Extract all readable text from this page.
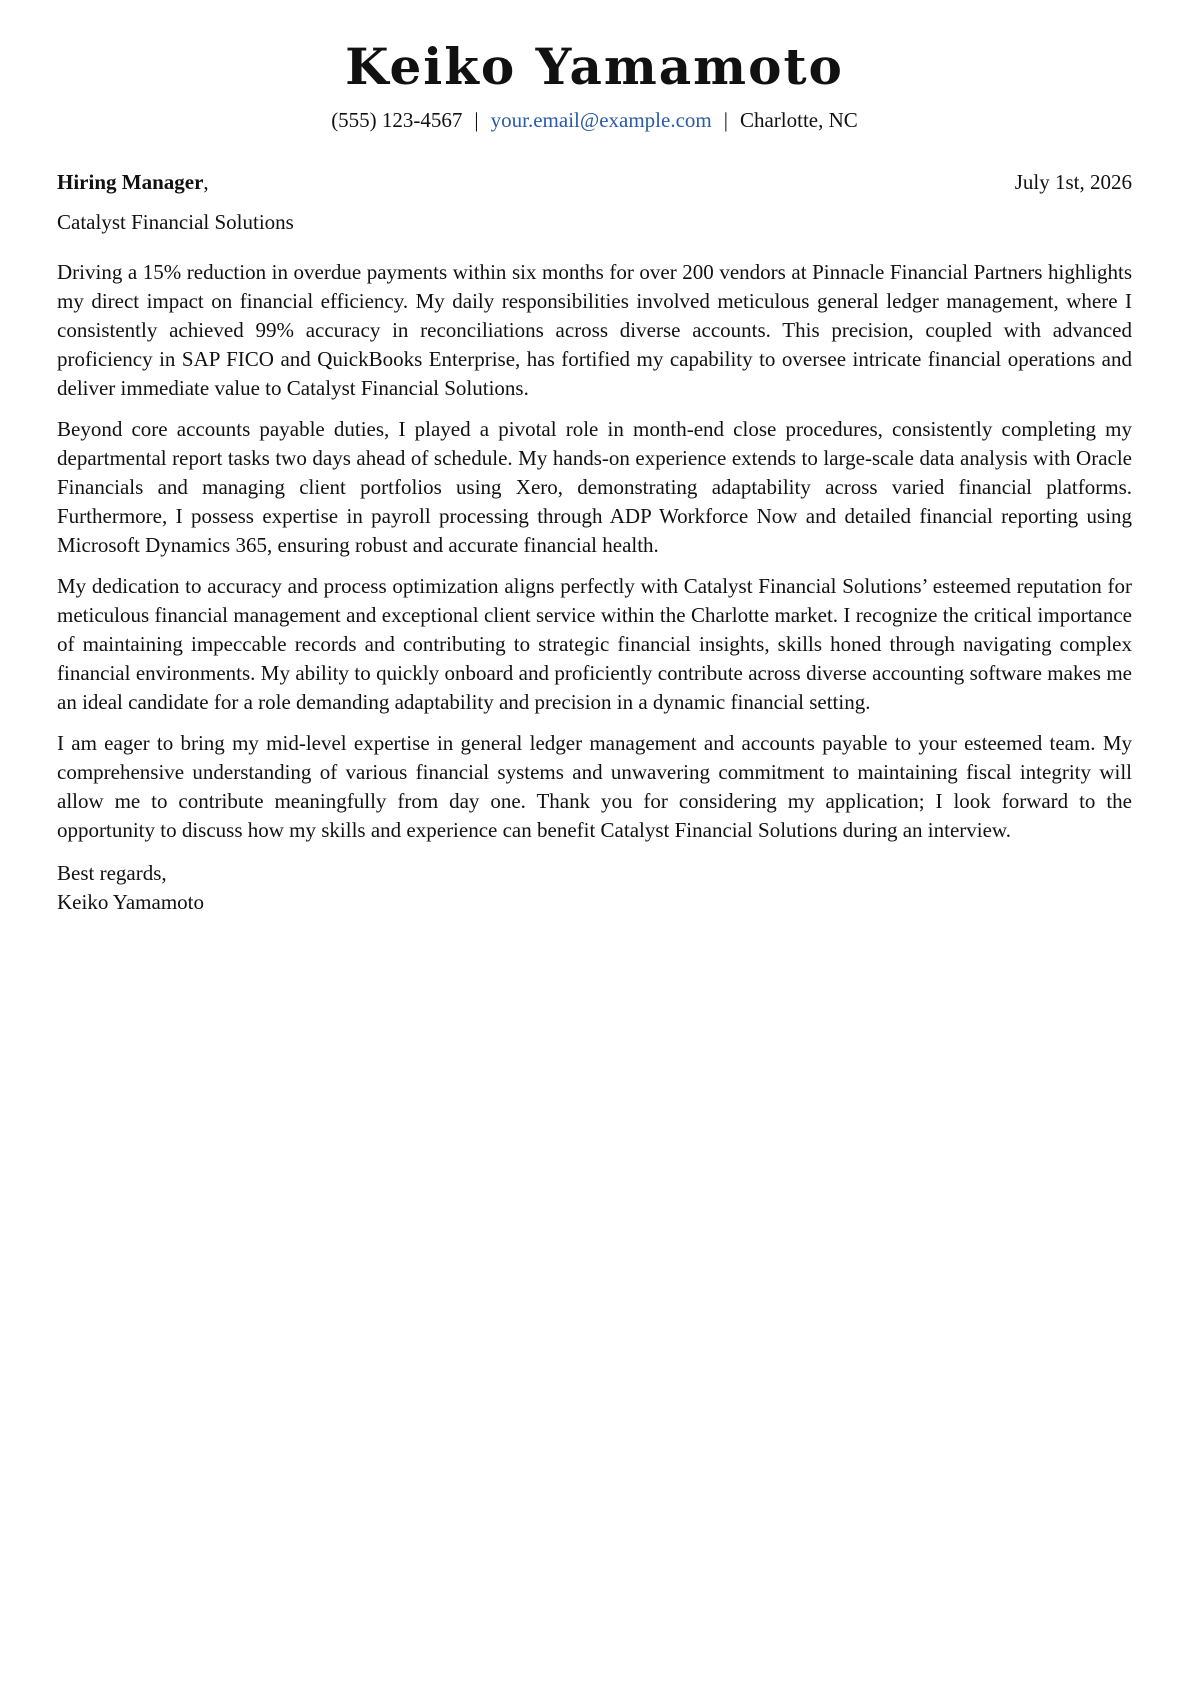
Keiko Yamamoto
(555) 123-4567 | your.email@example.com | Charlotte, NC
Hiring Manager,	July 1st, 2026
Catalyst Financial Solutions

Driving a 15% reduction in overdue payments within six months for over 200 vendors at Pinnacle Financial Partners highlights my direct impact on financial efficiency. My daily responsibilities involved meticulous general ledger management, where I consistently achieved 99% accuracy in reconciliations across diverse accounts. This precision, coupled with advanced proficiency in SAP FICO and QuickBooks Enterprise, has fortified my capability to oversee intricate financial operations and deliver immediate value to Catalyst Financial Solutions.

Beyond core accounts payable duties, I played a pivotal role in month-end close procedures, consistently completing my departmental report tasks two days ahead of schedule. My hands-on experience extends to large-scale data analysis with Oracle Financials and managing client portfolios using Xero, demonstrating adaptability across varied financial platforms. Furthermore, I possess expertise in payroll processing through ADP Workforce Now and detailed financial reporting using Microsoft Dynamics 365, ensuring robust and accurate financial health.

My dedication to accuracy and process optimization aligns perfectly with Catalyst Financial Solutions’ esteemed reputation for meticulous financial management and exceptional client service within the Charlotte market. I recognize the critical importance of maintaining impeccable records and contributing to strategic financial insights, skills honed through navigating complex financial environments. My ability to quickly onboard and proficiently contribute across diverse accounting software makes me an ideal candidate for a role demanding adaptability and precision in a dynamic financial setting.

I am eager to bring my mid-level expertise in general ledger management and accounts payable to your esteemed team. My comprehensive understanding of various financial systems and unwavering commitment to maintaining fiscal integrity will allow me to contribute meaningfully from day one. Thank you for considering my application; I look forward to the opportunity to discuss how my skills and experience can benefit Catalyst Financial Solutions during an interview.

Best regards,
Keiko Yamamoto
